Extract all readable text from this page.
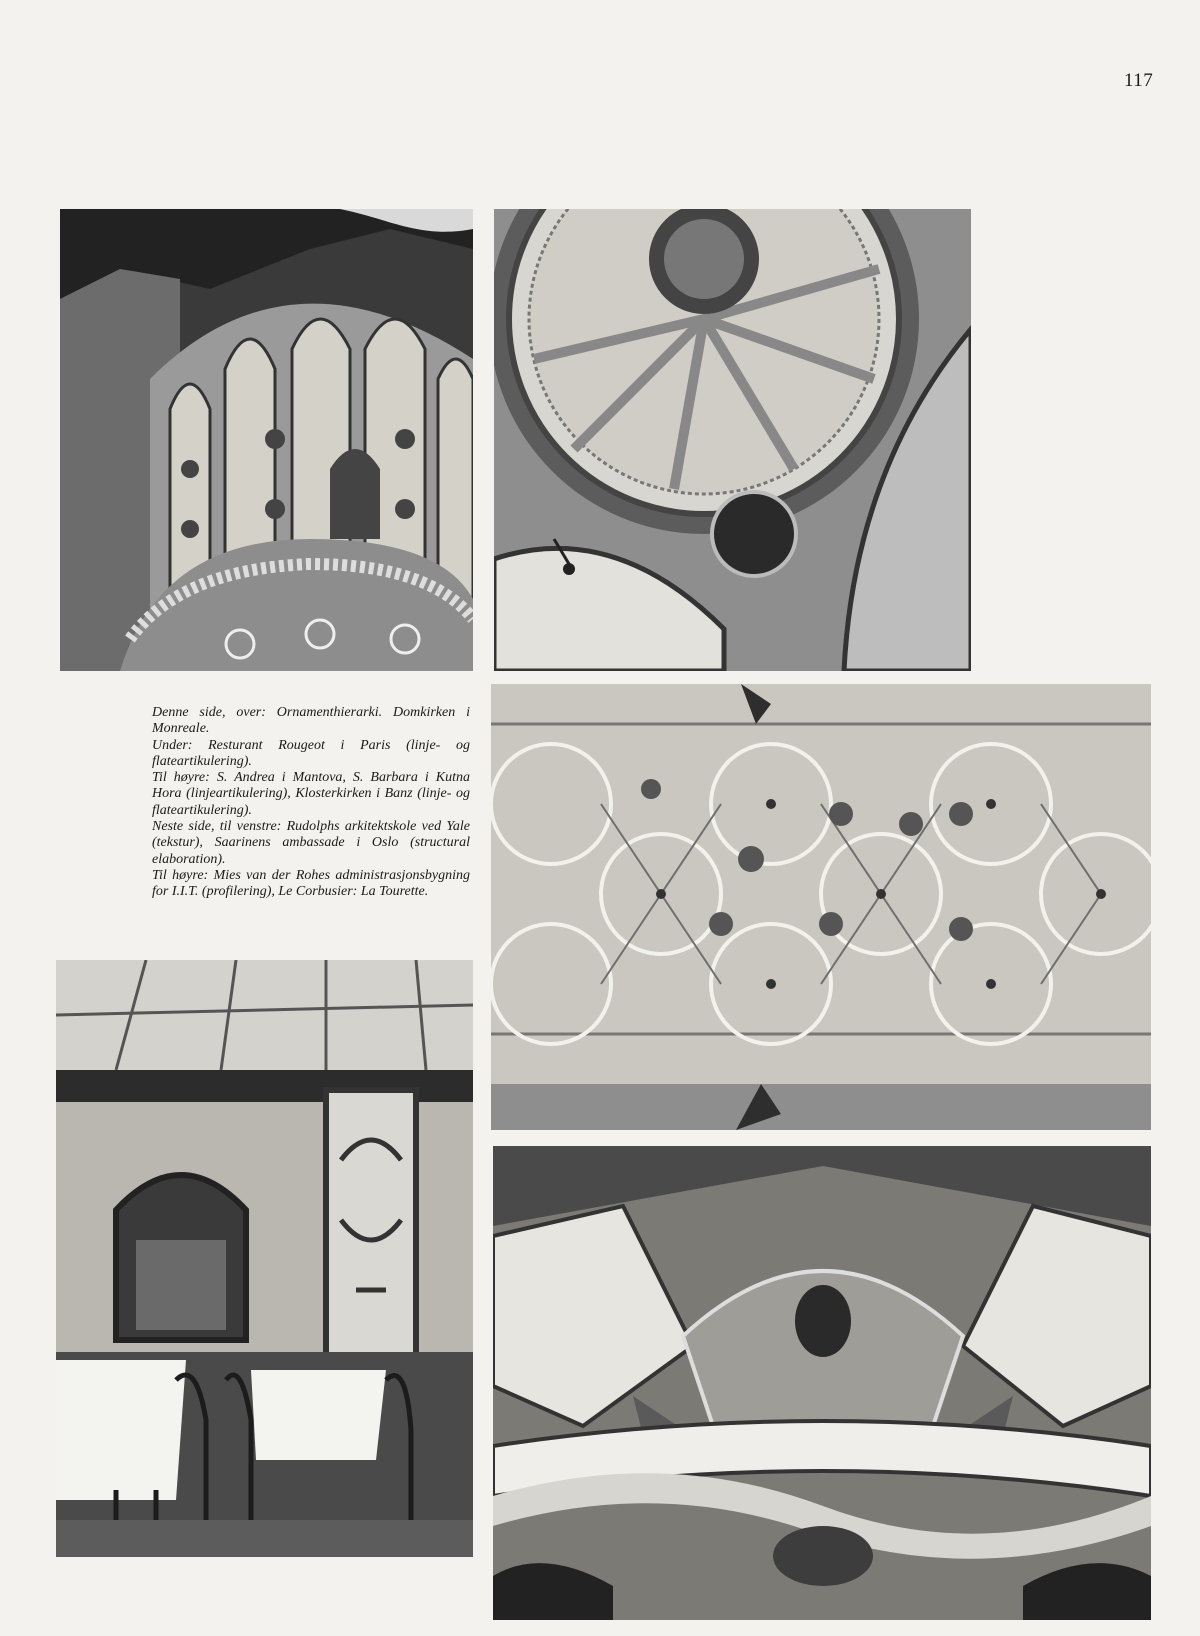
117

Denne side, over: Ornamenthierarki. Domkirken i Monreale.

Under: Resturant Rougeot i Paris (linje- og flateartikulering).

Til høyre: S. Andrea i Mantova, S. Barbara i Kutna Hora (linjeartikulering), Klosterkirken i Banz (linje- og flateartikulering).

Neste side, til venstre: Rudolphs arkitektskole ved Yale (tekstur), Saarinens ambassade i Oslo (structural elaboration).

Til høyre: Mies van der Rohes administrasjonsbygning for I.I.T. (profilering), Le Corbusier: La Tourette.
